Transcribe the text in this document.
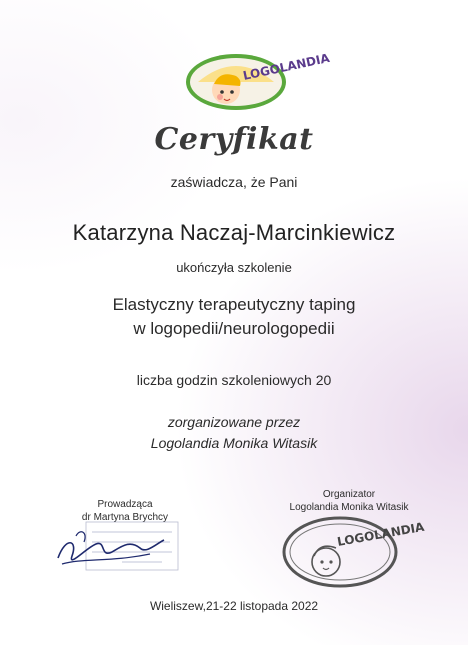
LOGOLANDIA
Ceryfikat
zaświadcza, że Pani
Katarzyna Naczaj-Marcinkiewicz
ukończyła szkolenie
Elastyczny terapeutyczny taping
w logopedii/neurologopedii
liczba godzin szkoleniowych 20
zorganizowane przez
Logolandia Monika Witasik
Prowadząca
dr Martyna Brychcy
Organizator
Logolandia Monika Witasik
LOGOLANDIA
Wieliszew,21-22 listopada 2022
